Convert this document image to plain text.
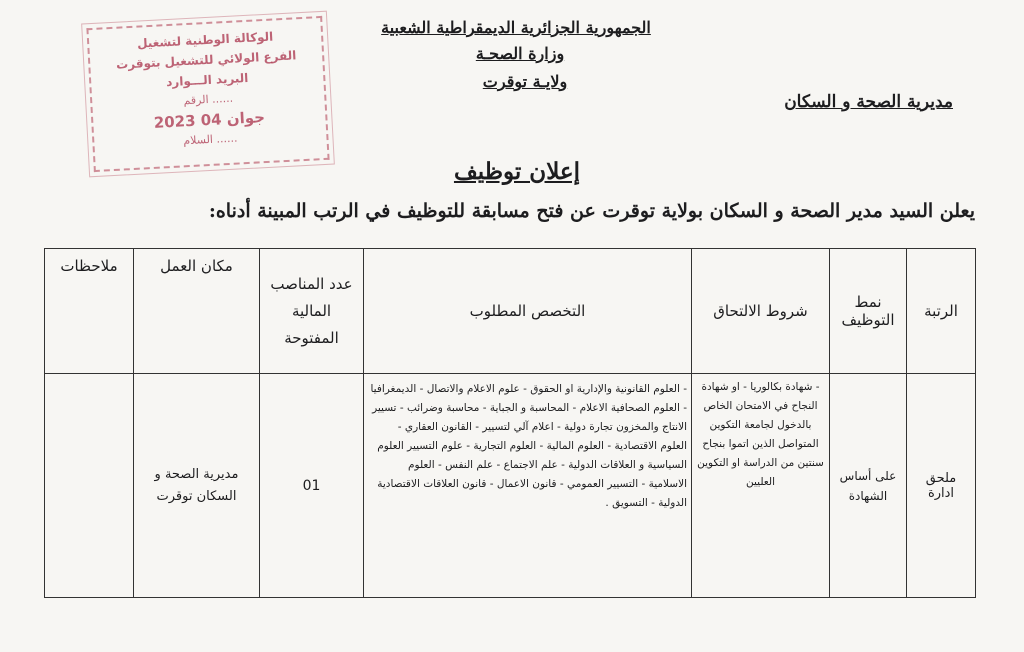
الوكالة الوطنية لتشغيل
الفرع الولائي للتشغيل بتوقرت
البريد الـــوارد
الرقم ......
2023 جوان 04
السلام ......
الجمهورية الجزائرية الديمقراطية الشعبية
وزارة الصحـة
ولايـة توقرت
مديرية الصحة و السكان
إعلان توظيف
يعلن السيد مدير الصحة و السكان بولاية توقرت عن فتح مسابقة للتوظيف في الرتب المبينة أدناه:
الرتبة	نمط التوظيف	شروط الالتحاق	التخصص المطلوب	عدد المناصب المالية المفتوحة	مكان العمل	ملاحظات
ملحق ادارة	على أساس الشهادة	- شهادة بكالوريا - او شهادة النجاح في الامتحان الخاص بالدخول لجامعة التكوين المتواصل الذين اتموا بنجاح سنتين من الدراسة او التكوين العليين	- العلوم القانونية والإدارية او الحقوق - علوم الاعلام والاتصال - الديمغرافيا - العلوم الصحافية الاعلام - المحاسبة و الجباية - محاسبة وضرائب - تسيير الانتاج والمخزون تجارة دولية - اعلام آلي لتسيير - القانون العقاري - العلوم الاقتصادية - العلوم المالية - العلوم التجارية - علوم التسيير العلوم السياسية و العلاقات الدولية - علم الاجتماع - علم النفس - العلوم الاسلامية - التسيير العمومي - قانون الاعمال - قانون العلاقات الاقتصادية الدولية - التسويق .	01	مديرية الصحة و السكان توقرت	
